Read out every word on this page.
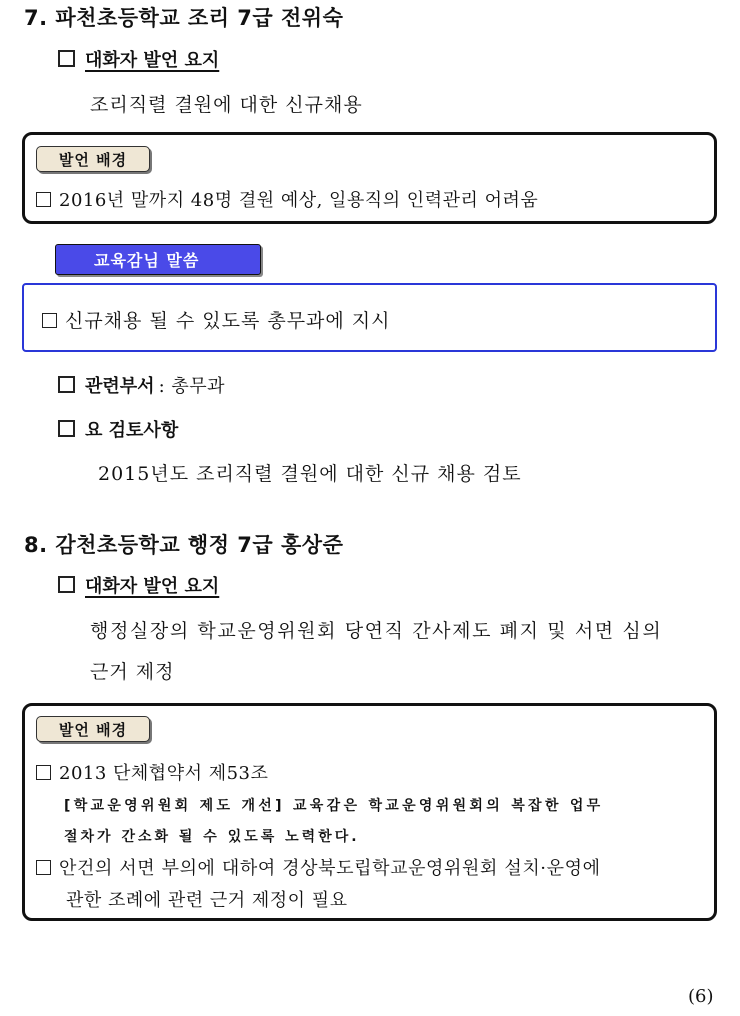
7. 파천초등학교 조리 7급 전위숙
대화자 발언 요지
조리직렬 결원에 대한 신규채용
발언 배경
2016년 말까지 48명 결원 예상, 일용직의 인력관리 어려움
교육감님 말씀
신규채용 될 수 있도록 총무과에 지시
관련부서 : 총무과
요 검토사항
2015년도 조리직렬 결원에 대한 신규 채용 검토
8. 감천초등학교 행정 7급 홍상준
대화자 발언 요지
행정실장의 학교운영위원회 당연직 간사제도 폐지 및 서면 심의
근거 제정
발언 배경
2013 단체협약서 제53조
[학교운영위원회 제도 개선] 교육감은 학교운영위원회의 복잡한 업무
절차가 간소화 될 수 있도록 노력한다.
안건의 서면 부의에 대하여 경상북도립학교운영위원회 설치·운영에
관한 조례에 관련 근거 제정이 필요
(6)
